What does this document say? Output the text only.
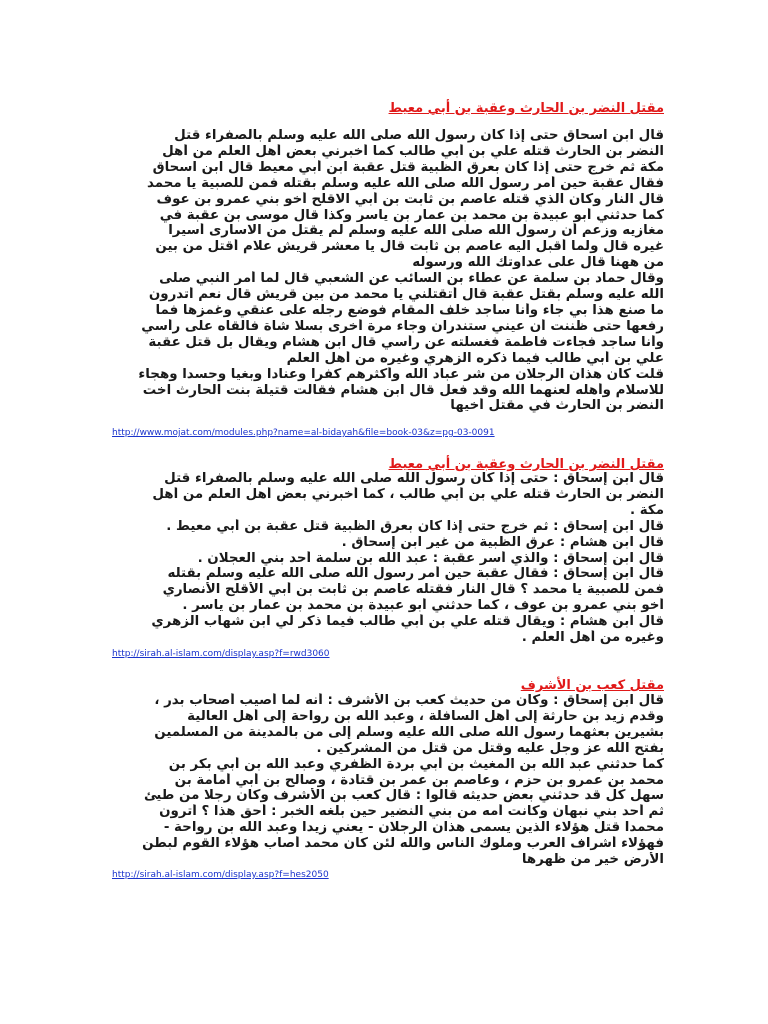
مقتل النضر بن الحارث وعقبة بن أبي معيط

قال ابن اسحاق حتى إذا كان رسول الله صلى الله عليه وسلم بالصفراء قتل
النضر بن الحارث قتله علي بن أبي طالب كما أخبرني بعض أهل العلم من أهل
مكة ثم خرج حتى إذا كان بعرق الظبية قتل عقبة ابن أبي معيط قال ابن اسحاق
فقال عقبة حين أمر رسول الله صلى الله عليه وسلم بقتله فمن للصبية يا محمد
قال النار وكان الذي قتله عاصم بن ثابت بن أبي الاقلح أخو بني عمرو بن عوف
كما حدثني أبو عبيدة بن محمد بن عمار بن ياسر وكذا قال موسى بن عقبة في
مغازيه وزعم أن رسول الله صلى الله عليه وسلم لم يقتل من الاسارى أسيرا
غيره قال ولما أقبل اليه عاصم بن ثابت قال يا معشر قريش علام أقتل من بين
من ههنا قال على عداوتك الله ورسوله
وقال حماد بن سلمة عن عطاء بن السائب عن الشعبي قال لما أمر النبي صلى
الله عليه وسلم بقتل عقبة قال أتقتلني يا محمد من بين قريش قال نعم أتدرون
ما صنع هذا بي جاء وأنا ساجد خلف المقام فوضع رجله على عنقي وغمزها فما
رفعها حتى ظننت أن عيني ستندران وجاء مرة أخرى بسلا شاة فالقاه على رأسي
وأنا ساجد فجاءت فاطمة فغسلته عن رأسي قال ابن هشام ويقال بل قتل عقبة
علي بن أبي طالب فيما ذكره الزهري وغيره من أهل العلم
قلت كان هذان الرجلان من شر عباد الله وأكثرهم كفرا وعنادا وبغيا وحسدا وهجاء
للاسلام وأهله لعنهما الله وقد فعل قال ابن هشام فقالت قتيلة بنت الحارث اخت
النضر بن الحارث في مقتل أخيها

http://www.mojat.com/modules.php?name=al-bidayah&file=book-03&z=pg-03-0091

مقتل النضر بن الحارث وعقبة بن أبي معيط

قال ابن إسحاق : حتى إذا كان رسول الله صلى الله عليه وسلم بالصفراء قتل
النضر بن الحارث قتله علي بن أبي طالب ، كما أخبرني بعض أهل العلم من أهل
مكة .
قال ابن إسحاق : ثم خرج حتى إذا كان بعرق الظبية قتل عقبة بن أبي معيط .
قال ابن هشام : عرق الظبية من غير ابن إسحاق .
قال ابن إسحاق : والذي أسر عقبة : عبد الله بن سلمة أحد بني العجلان .
قال ابن إسحاق : فقال عقبة حين أمر رسول الله صلى الله عليه وسلم بقتله
فمن للصبية يا محمد ؟ قال النار فقتله عاصم بن ثابت بن أبي الأقلح الأنصاري
أخو بني عمرو بن عوف ، كما حدثني أبو عبيدة بن محمد بن عمار بن ياسر .
قال ابن هشام : ويقال قتله علي بن أبي طالب فيما ذكر لي ابن شهاب الزهري
وغيره من أهل العلم .

http://sirah.al-islam.com/display.asp?f=rwd3060

مقتل كعب بن الأشرف

قال ابن إسحاق : وكان من حديث كعب بن الأشرف : أنه لما أصيب أصحاب بدر ،
وقدم زيد بن حارثة إلى أهل السافلة ، وعبد الله بن رواحة إلى أهل العالية
بشيرين بعثهما رسول الله صلى الله عليه وسلم إلى من بالمدينة من المسلمين
بفتح الله عز وجل عليه وقتل من قتل من المشركين .
كما حدثني عبد الله بن المغيث بن أبي بردة الظفري وعبد الله بن أبي بكر بن
محمد بن عمرو بن حزم ، وعاصم بن عمر بن قتادة ، وصالح بن أبي أمامة بن
سهل كل قد حدثني بعض حديثه قالوا : قال كعب بن الأشرف وكان رجلا من طيئ
ثم أحد بني نبهان وكانت أمه من بني النضير حين بلغه الخبر : أحق هذا ؟ أترون
محمدا قتل هؤلاء الذين يسمى هذان الرجلان - يعني زيدا وعبد الله بن رواحة -
فهؤلاء أشراف العرب وملوك الناس والله لئن كان محمد أصاب هؤلاء القوم لبطن
الأرض خير من ظهرها

http://sirah.al-islam.com/display.asp?f=hes2050
